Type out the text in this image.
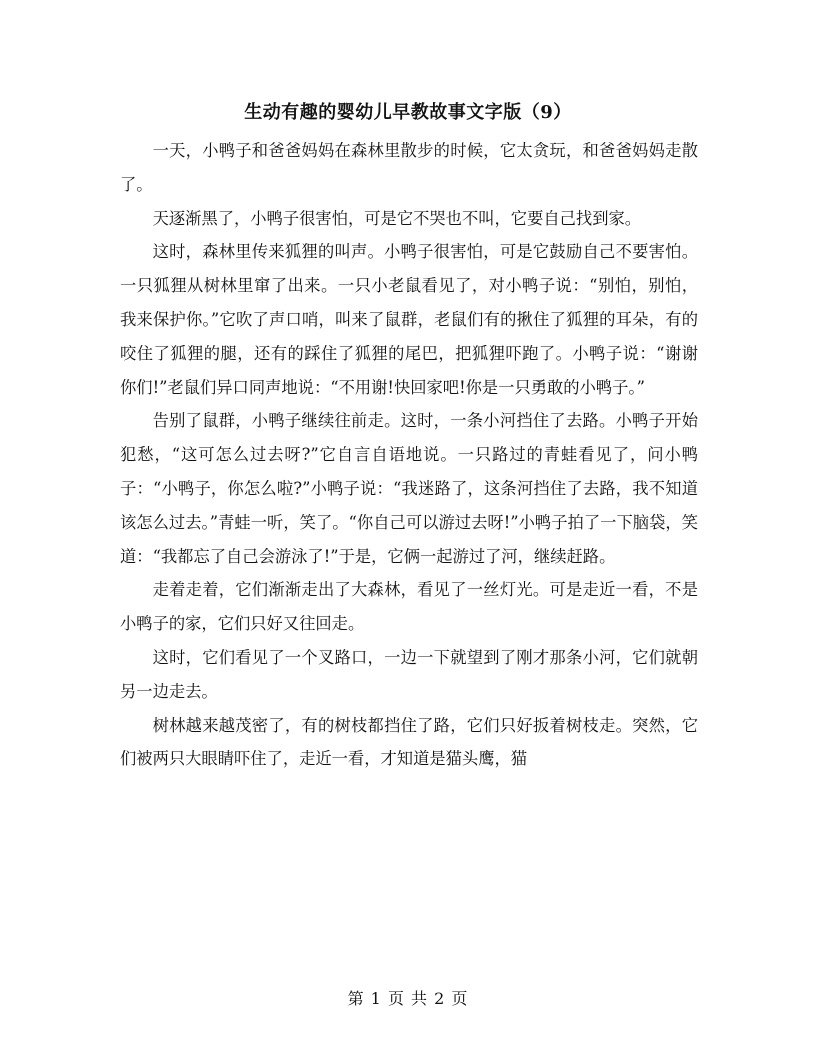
生动有趣的婴幼儿早教故事文字版（9）

一天，小鸭子和爸爸妈妈在森林里散步的时候，它太贪玩，和爸爸妈妈走散了。

天逐渐黑了，小鸭子很害怕，可是它不哭也不叫，它要自己找到家。

这时，森林里传来狐狸的叫声。小鸭子很害怕，可是它鼓励自己不要害怕。一只狐狸从树林里窜了出来。一只小老鼠看见了，对小鸭子说：“别怕，别怕，我来保护你。”它吹了声口哨，叫来了鼠群，老鼠们有的揪住了狐狸的耳朵，有的咬住了狐狸的腿，还有的踩住了狐狸的尾巴，把狐狸吓跑了。小鸭子说：“谢谢你们!”老鼠们异口同声地说：“不用谢!快回家吧!你是一只勇敢的小鸭子。”

告别了鼠群，小鸭子继续往前走。这时，一条小河挡住了去路。小鸭子开始犯愁，“这可怎么过去呀?”它自言自语地说。一只路过的青蛙看见了，问小鸭子：“小鸭子，你怎么啦?”小鸭子说：“我迷路了，这条河挡住了去路，我不知道该怎么过去。”青蛙一听，笑了。“你自己可以游过去呀!”小鸭子拍了一下脑袋，笑道：“我都忘了自己会游泳了!”于是，它俩一起游过了河，继续赶路。

走着走着，它们渐渐走出了大森林，看见了一丝灯光。可是走近一看，不是小鸭子的家，它们只好又往回走。

这时，它们看见了一个叉路口，一边一下就望到了刚才那条小河，它们就朝另一边走去。

树林越来越茂密了，有的树枝都挡住了路，它们只好扳着树枝走。突然，它们被两只大眼睛吓住了，走近一看，才知道是猫头鹰，猫

第 1 页 共 2 页
